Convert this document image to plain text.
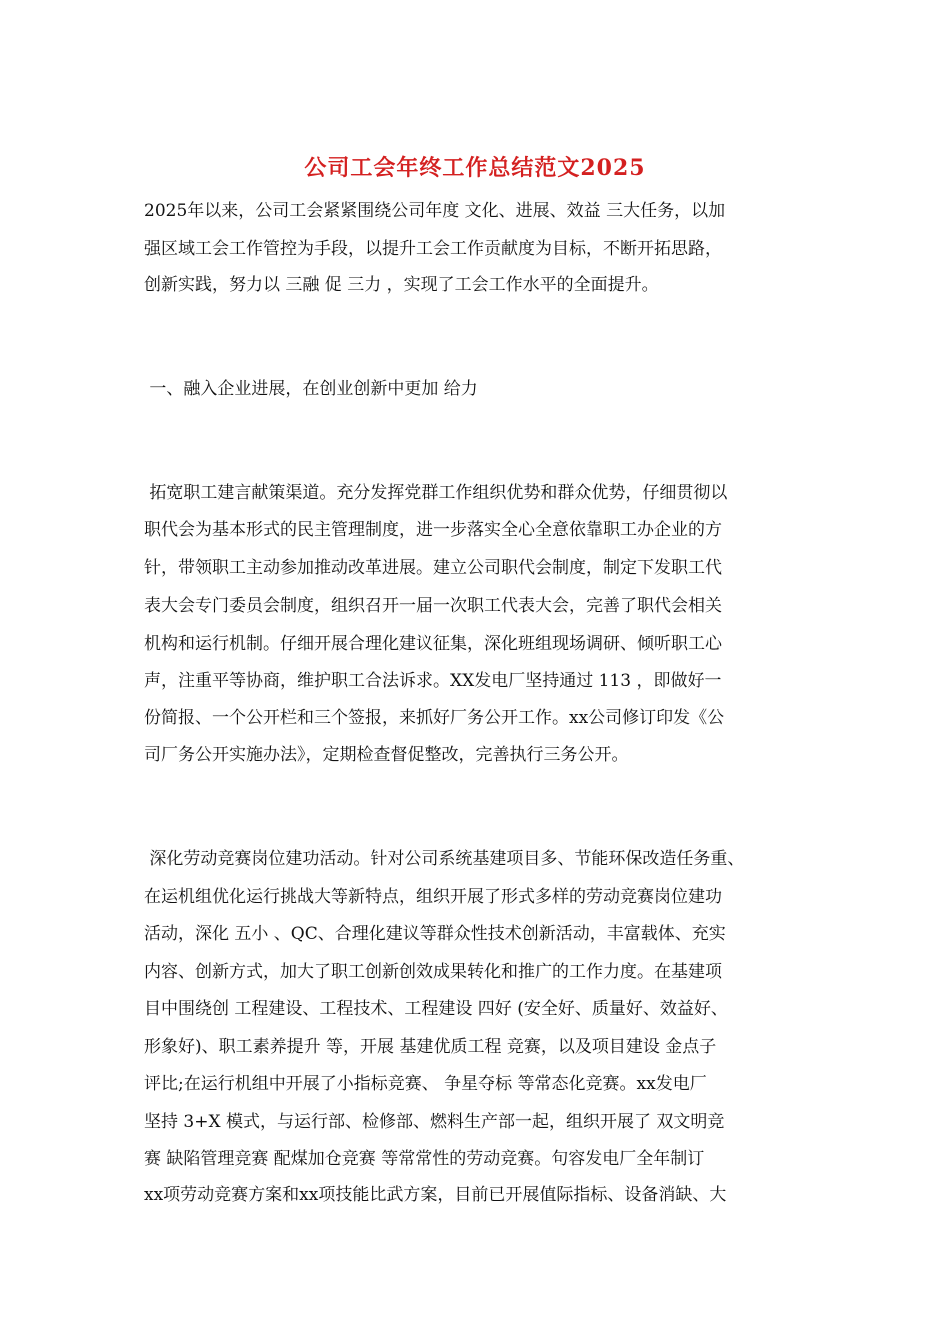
公司工会年终工作总结范文2025
2025年以来，公司工会紧紧围绕公司年度 文化、进展、效益 三大任务，以加
强区域工会工作管控为手段，以提升工会工作贡献度为目标，不断开拓思路，
创新实践，努力以 三融 促 三力 ，实现了工会工作水平的全面提升。
一、融入企业进展，在创业创新中更加 给力
拓宽职工建言献策渠道。充分发挥党群工作组织优势和群众优势，仔细贯彻以
职代会为基本形式的民主管理制度，进一步落实全心全意依靠职工办企业的方
针，带领职工主动参加推动改革进展。建立公司职代会制度，制定下发职工代
表大会专门委员会制度，组织召开一届一次职工代表大会，完善了职代会相关
机构和运行机制。仔细开展合理化建议征集，深化班组现场调研、倾听职工心
声，注重平等协商，维护职工合法诉求。XX发电厂坚持通过 113 ，即做好一
份简报、一个公开栏和三个签报，来抓好厂务公开工作。xx公司修订印发《公
司厂务公开实施办法》，定期检查督促整改，完善执行三务公开。
深化劳动竞赛岗位建功活动。针对公司系统基建项目多、节能环保改造任务重、
在运机组优化运行挑战大等新特点，组织开展了形式多样的劳动竞赛岗位建功
活动，深化 五小 、QC、合理化建议等群众性技术创新活动，丰富载体、充实
内容、创新方式，加大了职工创新创效成果转化和推广的工作力度。在基建项
目中围绕创 工程建设、工程技术、工程建设 四好 (安全好、质量好、效益好、
形象好)、职工素养提升 等，开展 基建优质工程 竞赛，以及项目建设 金点子
评比;在运行机组中开展了小指标竞赛、 争星夺标 等常态化竞赛。xx发电厂
坚持 3+X 模式，与运行部、检修部、燃料生产部一起，组织开展了 双文明竞
赛 缺陷管理竞赛 配煤加仓竞赛 等常常性的劳动竞赛。句容发电厂全年制订
xx项劳动竞赛方案和xx项技能比武方案，目前已开展值际指标、设备消缺、大
